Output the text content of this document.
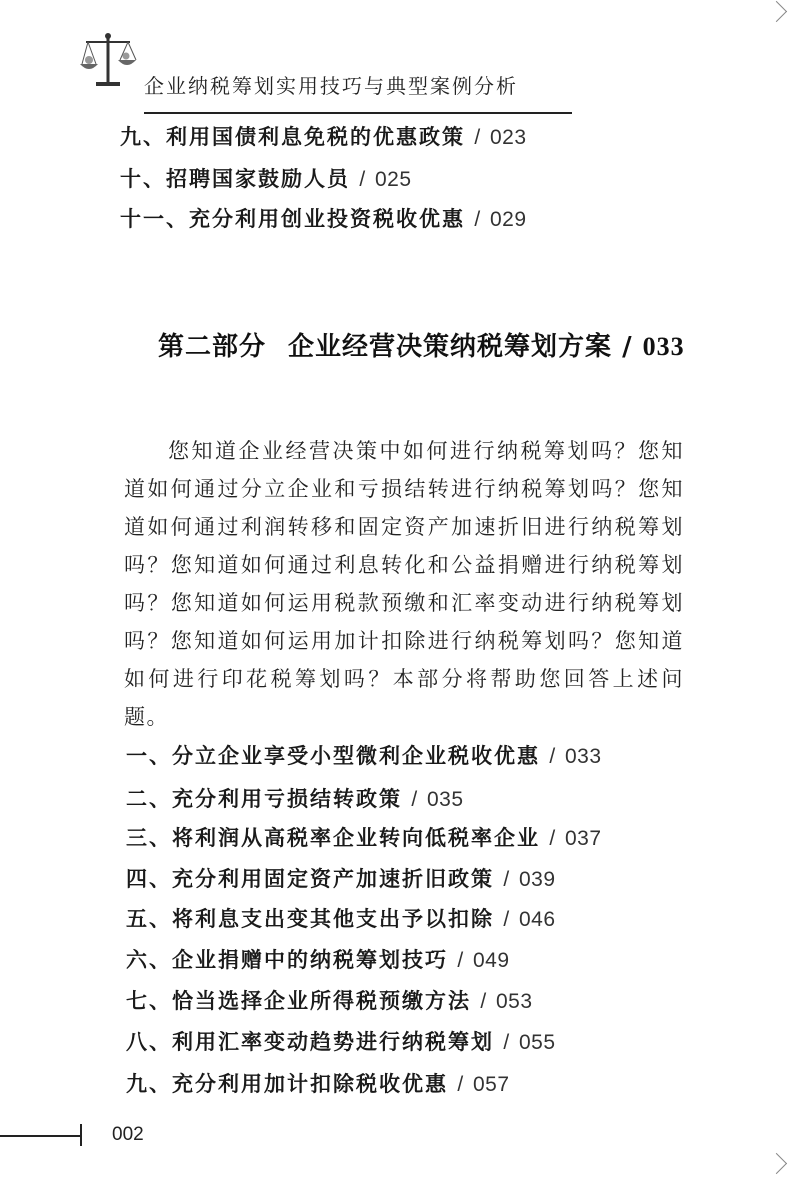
企业纳税筹划实用技巧与典型案例分析
九、利用国债利息免税的优惠政策 / 023
十、招聘国家鼓励人员 / 025
十一、充分利用创业投资税收优惠 / 029
第二部分 企业经营决策纳税筹划方案 / 033
您知道企业经营决策中如何进行纳税筹划吗？您知道如何通过分立企业和亏损结转进行纳税筹划吗？您知道如何通过利润转移和固定资产加速折旧进行纳税筹划吗？您知道如何通过利息转化和公益捐赠进行纳税筹划吗？您知道如何运用税款预缴和汇率变动进行纳税筹划吗？您知道如何运用加计扣除进行纳税筹划吗？您知道如何进行印花税筹划吗？本部分将帮助您回答上述问题。
一、分立企业享受小型微利企业税收优惠 / 033
二、充分利用亏损结转政策 / 035
三、将利润从高税率企业转向低税率企业 / 037
四、充分利用固定资产加速折旧政策 / 039
五、将利息支出变其他支出予以扣除 / 046
六、企业捐赠中的纳税筹划技巧 / 049
七、恰当选择企业所得税预缴方法 / 053
八、利用汇率变动趋势进行纳税筹划 / 055
九、充分利用加计扣除税收优惠 / 057
002
